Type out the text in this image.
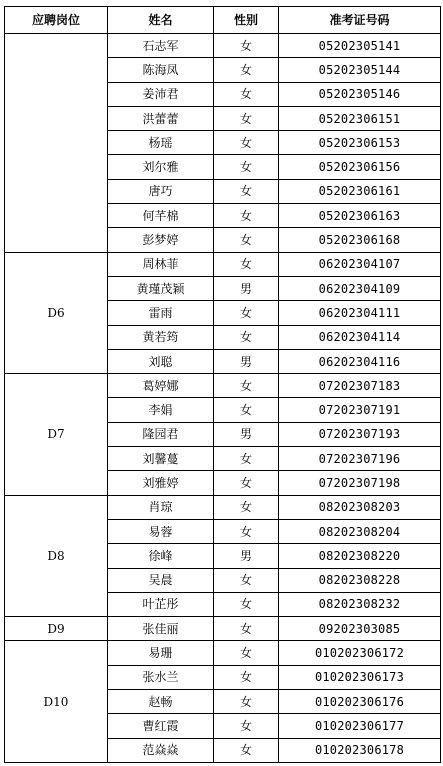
应聘岗位	姓名	性别	准考证号码
	石志军	女	05202305141
	陈海凤	女	05202305144
	姜沛君	女	05202305146
	洪蕾蕾	女	05202306151
	杨瑶	女	05202306153
	刘尔雅	女	05202306156
	唐巧	女	05202306161
	何芊棉	女	05202306163
	彭梦婷	女	05202306168
D6	周林菲	女	06202304107
	黄瑾茂颖	男	06202304109
	雷雨	女	06202304111
	黄若筠	女	06202304114
	刘聪	男	06202304116
D7	葛婷娜	女	07202307183
	李娟	女	07202307191
	隆园君	男	07202307193
	刘馨蔓	女	07202307196
	刘雅婷	女	07202307198
D8	肖琼	女	08202308203
	易蓉	女	08202308204
	徐峰	男	08202308220
	吴晨	女	08202308228
	叶芷彤	女	08202308232
D9	张佳丽	女	09202303085
D10	易珊	女	010202306172
	张水兰	女	010202306173
	赵畅	女	010202306176
	曹红霞	女	010202306177
	范焱焱	女	010202306178
